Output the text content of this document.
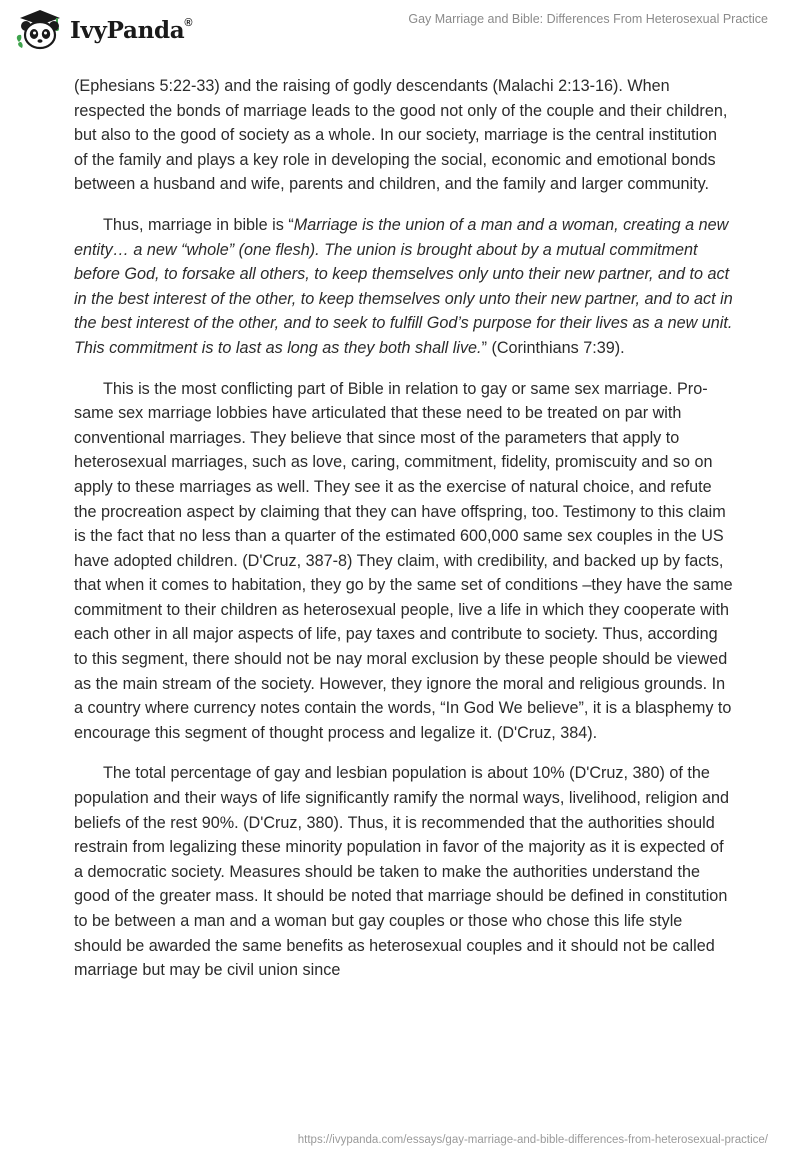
IvyPanda®	Gay Marriage and Bible: Differences From Heterosexual Practice

(Ephesians 5:22-33) and the raising of godly descendants (Malachi 2:13-16). When respected the bonds of marriage leads to the good not only of the couple and their children, but also to the good of society as a whole. In our society, marriage is the central institution of the family and plays a key role in developing the social, economic and emotional bonds between a husband and wife, parents and children, and the family and larger community.

Thus, marriage in bible is “Marriage is the union of a man and a woman, creating a new entity… a new “whole” (one flesh). The union is brought about by a mutual commitment before God, to forsake all others, to keep themselves only unto their new partner, and to act in the best interest of the other, to keep themselves only unto their new partner, and to act in the best interest of the other, and to seek to fulfill God’s purpose for their lives as a new unit. This commitment is to last as long as they both shall live.” (Corinthians 7:39).

This is the most conflicting part of Bible in relation to gay or same sex marriage. Pro-same sex marriage lobbies have articulated that these need to be treated on par with conventional marriages. They believe that since most of the parameters that apply to heterosexual marriages, such as love, caring, commitment, fidelity, promiscuity and so on apply to these marriages as well. They see it as the exercise of natural choice, and refute the procreation aspect by claiming that they can have offspring, too. Testimony to this claim is the fact that no less than a quarter of the estimated 600,000 same sex couples in the US have adopted children. (D'Cruz, 387-8) They claim, with credibility, and backed up by facts, that when it comes to habitation, they go by the same set of conditions –they have the same commitment to their children as heterosexual people, live a life in which they cooperate with each other in all major aspects of life, pay taxes and contribute to society. Thus, according to this segment, there should not be nay moral exclusion by these people should be viewed as the main stream of the society. However, they ignore the moral and religious grounds. In a country where currency notes contain the words, “In God We believe”, it is a blasphemy to encourage this segment of thought process and legalize it. (D'Cruz, 384).

The total percentage of gay and lesbian population is about 10% (D'Cruz, 380) of the population and their ways of life significantly ramify the normal ways, livelihood, religion and beliefs of the rest 90%. (D'Cruz, 380). Thus, it is recommended that the authorities should restrain from legalizing these minority population in favor of the majority as it is expected of a democratic society. Measures should be taken to make the authorities understand the good of the greater mass. It should be noted that marriage should be defined in constitution to be between a man and a woman but gay couples or those who chose this life style should be awarded the same benefits as heterosexual couples and it should not be called marriage but may be civil union since

https://ivypanda.com/essays/gay-marriage-and-bible-differences-from-heterosexual-practice/
